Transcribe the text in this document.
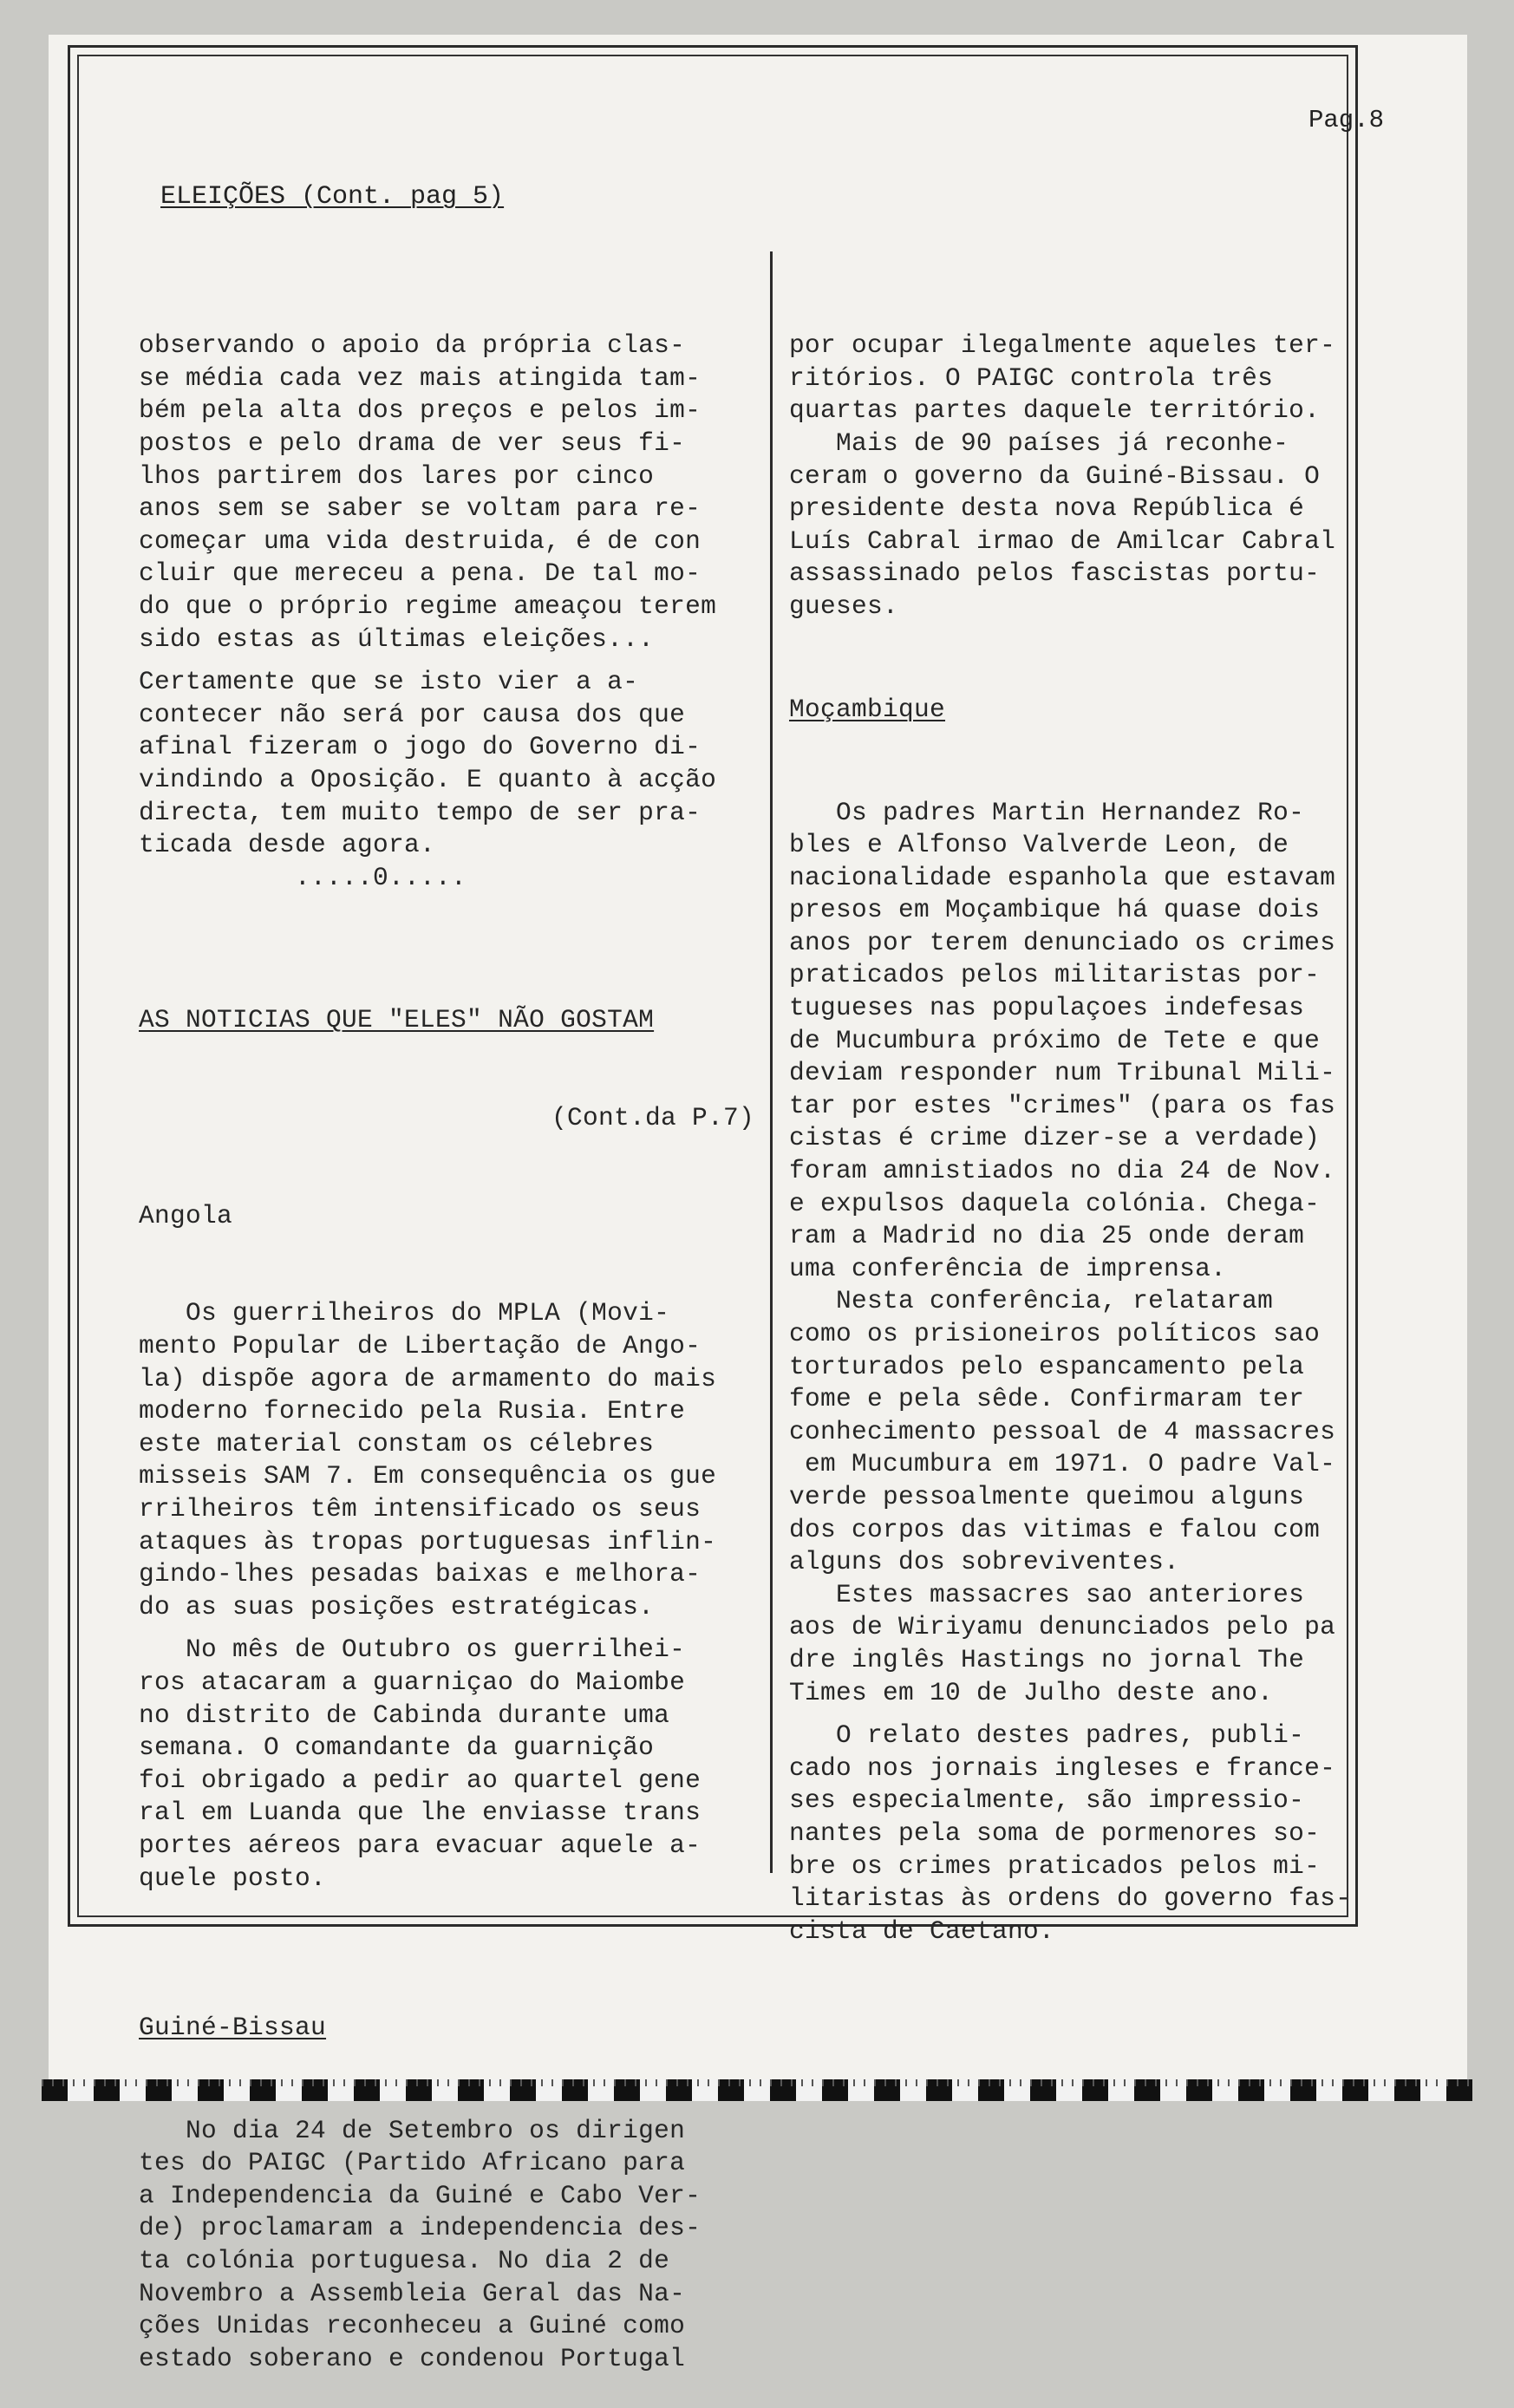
Pag.8
ELEIÇÕES (Cont. pag 5)

observando o apoio da própria clas-
se média cada vez mais atingida tam-
bém pela alta dos preços e pelos im-
postos e pelo drama de ver seus fi-
lhos partirem dos lares por cinco
anos sem se saber se voltam para re-
começar uma vida destruida, é de con
cluir que mereceu a pena. De tal mo-
do que o próprio regime ameaçou terem
sido estas as últimas eleições...
Certamente que se isto vier a a-
contecer não será por causa dos que
afinal fizeram o jogo do Governo di-
vindindo a Oposição. E quanto à acção
directa, tem muito tempo de ser pra-
ticada desde agora.
.....0.....

AS NOTICIAS QUE "ELES" NÃO GOSTAM

(Cont.da P.7)

Angola

Os guerrilheiros do MPLA (Movi-
mento Popular de Libertação de Ango-
la) dispõe agora de armamento do mais
moderno fornecido pela Rusia. Entre
este material constam os célebres
misseis SAM 7. Em consequência os gue
rrilheiros têm intensificado os seus
ataques às tropas portuguesas inflin-
gindo-lhes pesadas baixas e melhora-
do as suas posições estratégicas.
No mês de Outubro os guerrilhei-
ros atacaram a guarniçao do Maiombe
no distrito de Cabinda durante uma
semana. O comandante da guarnição
foi obrigado a pedir ao quartel gene
ral em Luanda que lhe enviasse trans
portes aéreos para evacuar aquele a-
quele posto.

Guiné-Bissau

No dia 24 de Setembro os dirigen
tes do PAIGC (Partido Africano para
a Independencia da Guiné e Cabo Ver-
de) proclamaram a independencia des-
ta colónia portuguesa. No dia 2 de
Novembro a Assembleia Geral das Na-
ções Unidas reconheceu a Guiné como
estado soberano e condenou Portugal

por ocupar ilegalmente aqueles ter-
ritórios. O PAIGC controla três
quartas partes daquele território.
Mais de 90 países já reconhe-
ceram o governo da Guiné-Bissau. O
presidente desta nova República é
Luís Cabral irmao de Amilcar Cabral
assassinado pelos fascistas portu-
gueses.

Moçambique

Os padres Martin Hernandez Ro-
bles e Alfonso Valverde Leon, de
nacionalidade espanhola que estavam
presos em Moçambique há quase dois
anos por terem denunciado os crimes
praticados pelos militaristas por-
tugueses nas populaçoes indefesas
de Mucumbura próximo de Tete e que
deviam responder num Tribunal Mili-
tar por estes "crimes" (para os fas
cistas é crime dizer-se a verdade)
foram amnistiados no dia 24 de Nov.
e expulsos daquela colónia. Chega-
ram a Madrid no dia 25 onde deram
uma conferência de imprensa.
Nesta conferência, relataram
como os prisioneiros políticos sao
torturados pelo espancamento pela
fome e pela sêde. Confirmaram ter
conhecimento pessoal de 4 massacres
em Mucumbura em 1971. O padre Val-
verde pessoalmente queimou alguns
dos corpos das vitimas e falou com
alguns dos sobreviventes.
Estes massacres sao anteriores
aos de Wiriyamu denunciados pelo pa
dre inglês Hastings no jornal The
Times em 10 de Julho deste ano.
O relato destes padres, publi-
cado nos jornais ingleses e france-
ses especialmente, são impressio-
nantes pela soma de pormenores so-
bre os crimes praticados pelos mi-
litaristas às ordens do governo fas-
cista de Caetano.
